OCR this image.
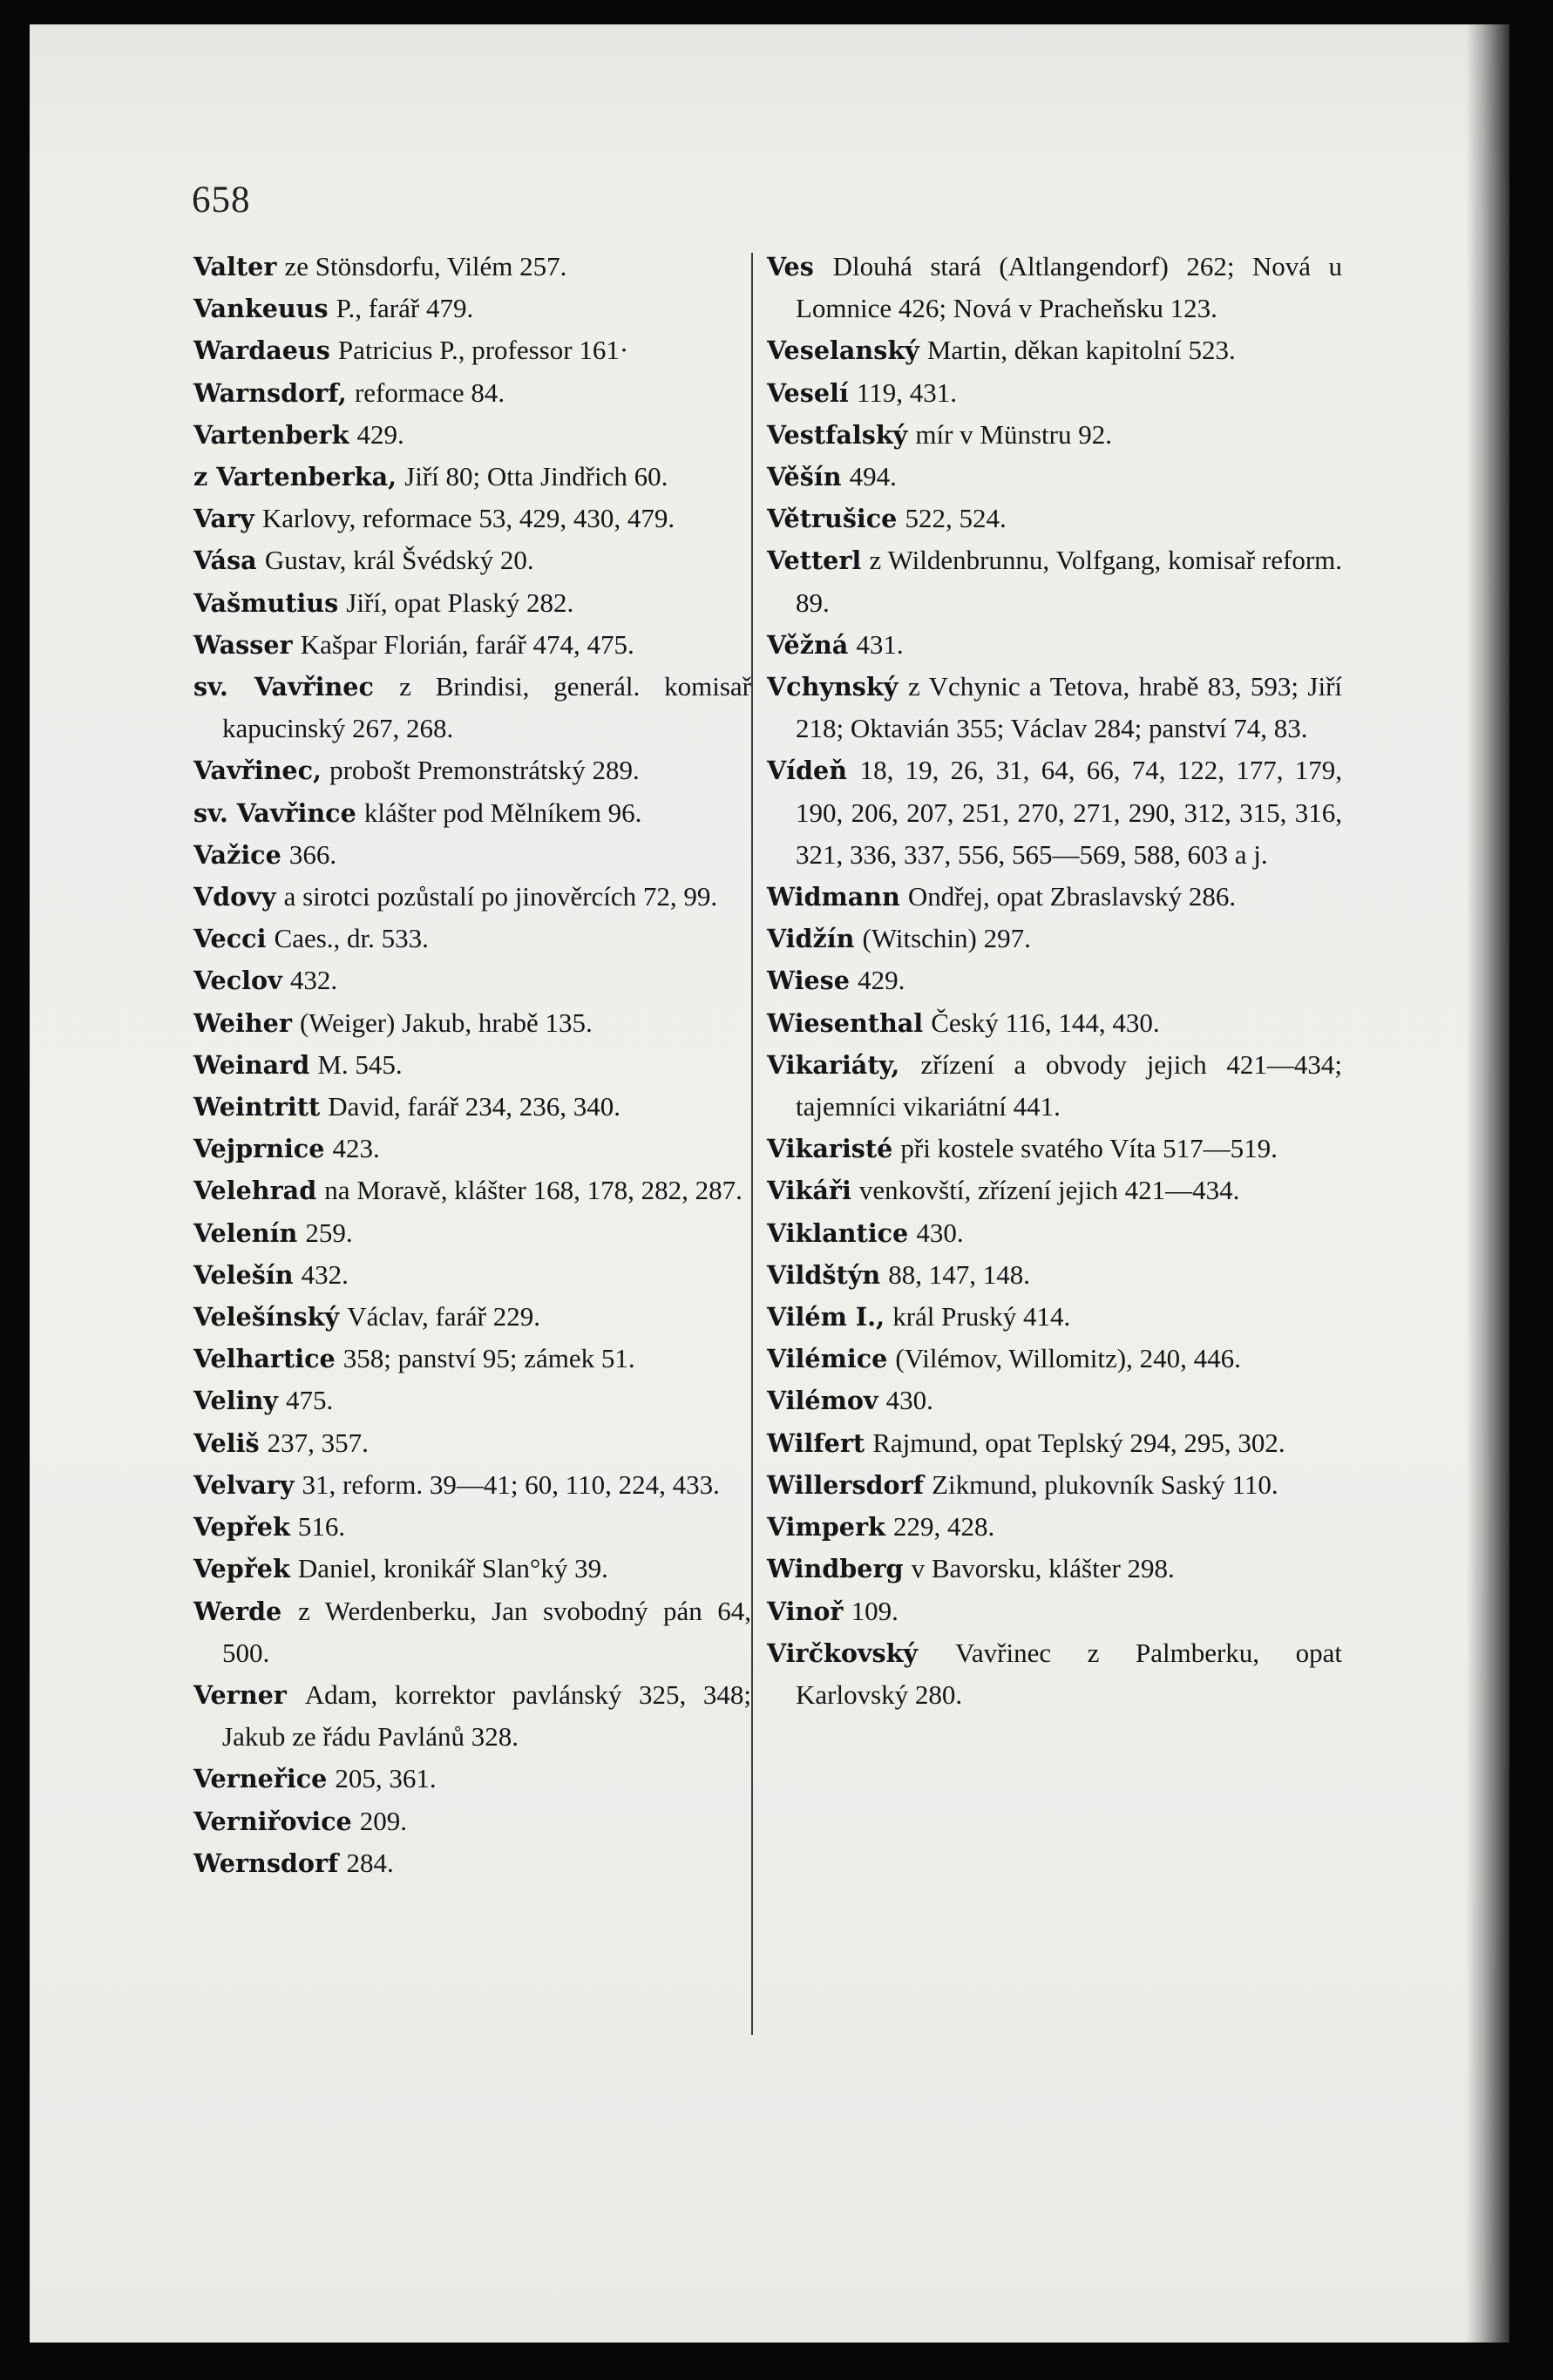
658

Valter ze Stönsdorfu, Vilém 257.

Vankeuus P., farář 479.

Wardaeus Patricius P., professor 161·

Warnsdorf, reformace 84.

Vartenberk 429.

z Vartenberka, Jiří 80; Otta Jindřich 60.

Vary Karlovy, reformace 53, 429, 430, 479.

Vása Gustav, král Švédský 20.

Vašmutius Jiří, opat Plaský 282.

Wasser Kašpar Florián, farář 474, 475.

sv. Vavřinec z Brindisi, generál. komisař kapucinský 267, 268.

Vavřinec, probošt Premonstrátský 289.

sv. Vavřince klášter pod Mělníkem 96.

Važice 366.

Vdovy a sirotci pozůstalí po jinověrcích 72, 99.

Vecci Caes., dr. 533.

Veclov 432.

Weiher (Weiger) Jakub, hrabě 135.

Weinard M. 545.

Weintritt David, farář 234, 236, 340.

Vejprnice 423.

Velehrad na Moravě, klášter 168, 178, 282, 287.

Velenín 259.

Velešín 432.

Velešínský Václav, farář 229.

Velhartice 358; panství 95; zámek 51.

Veliny 475.

Veliš 237, 357.

Velvary 31, reform. 39—41; 60, 110, 224, 433.

Vepřek 516.

Vepřek Daniel, kronikář Slan°ký 39.

Werde z Werdenberku, Jan svobodný pán 64, 500.

Verner Adam, korrektor pavlánský 325, 348; Jakub ze řádu Pavlánů 328.

Verneřice 205, 361.

Verniřovice 209.

Wernsdorf 284.

Ves Dlouhá stará (Altlangendorf) 262; Nová u Lomnice 426; Nová v Pracheňsku 123.

Veselanský Martin, děkan kapitolní 523.

Veselí 119, 431.

Vestfalský mír v Münstru 92.

Věšín 494.

Větrušice 522, 524.

Vetterl z Wildenbrunnu, Volfgang, komisař reform. 89.

Věžná 431.

Vchynský z Vchynic a Tetova, hrabě 83, 593; Jiří 218; Oktavián 355; Václav 284; panství 74, 83.

Vídeň 18, 19, 26, 31, 64, 66, 74, 122, 177, 179, 190, 206, 207, 251, 270, 271, 290, 312, 315, 316, 321, 336, 337, 556, 565—569, 588, 603 a j.

Widmann Ondřej, opat Zbraslavský 286.

Vidžín (Witschin) 297.

Wiese 429.

Wiesenthal Český 116, 144, 430.

Vikariáty, zřízení a obvody jejich 421—434; tajemníci vikariátní 441.

Vikaristé při kostele svatého Víta 517—519.

Vikáři venkovští, zřízení jejich 421—434.

Viklantice 430.

Vildštýn 88, 147, 148.

Vilém I., král Pruský 414.

Vilémice (Vilémov, Willomitz), 240, 446.

Vilémov 430.

Wilfert Rajmund, opat Teplský 294, 295, 302.

Willersdorf Zikmund, plukovník Saský 110.

Vimperk 229, 428.

Windberg v Bavorsku, klášter 298.

Vinoř 109.

Virčkovský Vavřinec z Palmberku, opat Karlovský 280.
